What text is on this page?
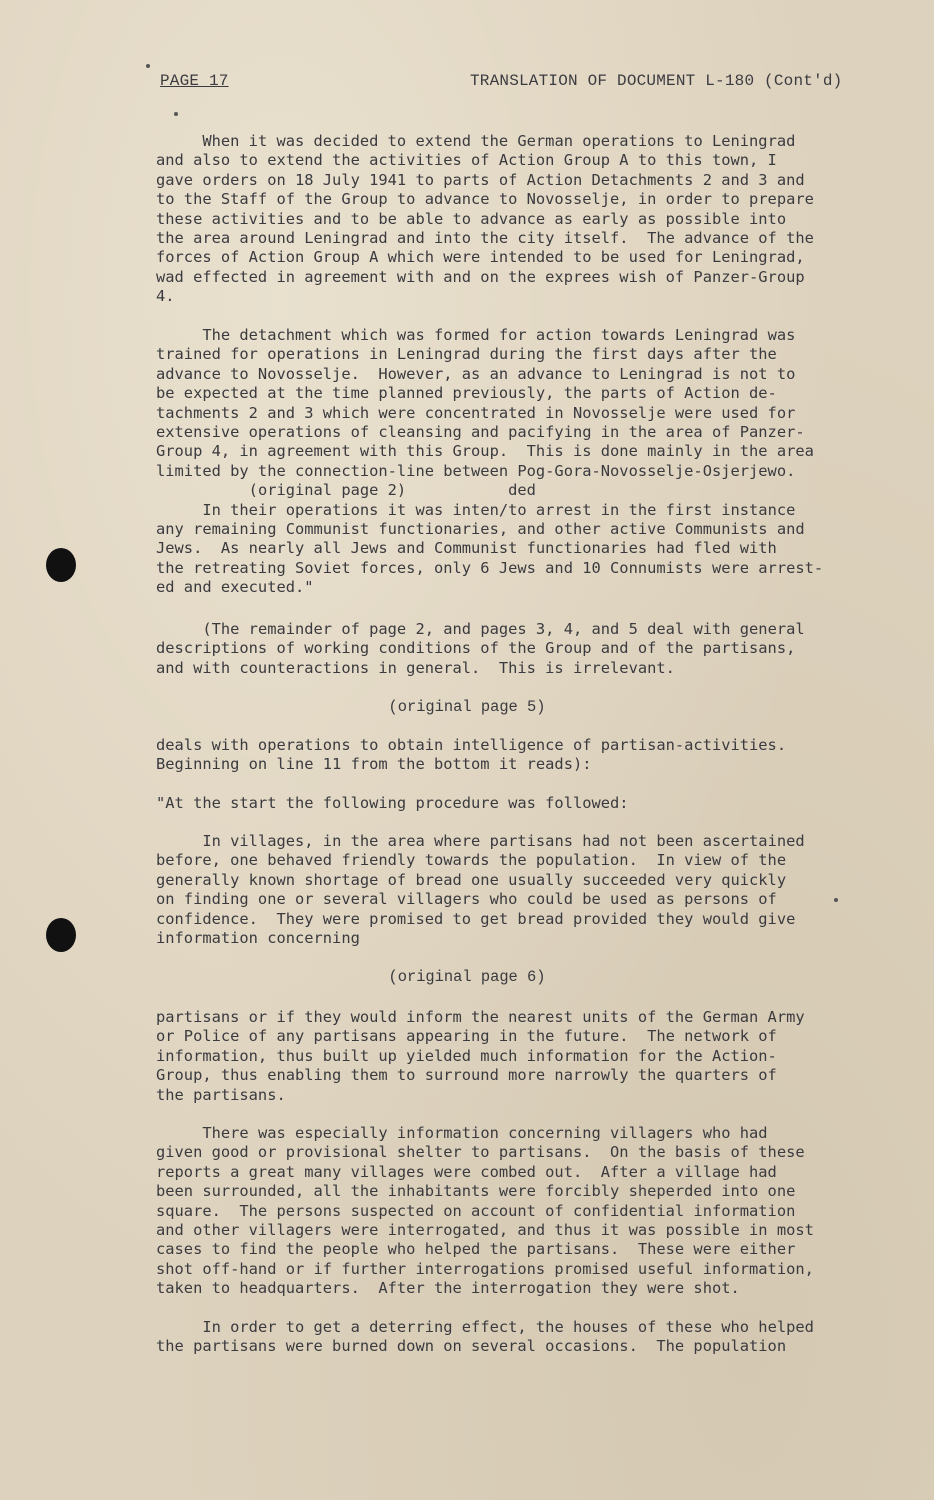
PAGE 17	TRANSLATION OF DOCUMENT L-180 (Cont'd)
When it was decided to extend the German operations to Leningrad
and also to extend the activities of Action Group A to this town, I
gave orders on 18 July 1941 to parts of Action Detachments 2 and 3 and
to the Staff of the Group to advance to Novosselje, in order to prepare
these activities and to be able to advance as early as possible into
the area around Leningrad and into the city itself.  The advance of the
forces of Action Group A which were intended to be used for Leningrad,
wad effected in agreement with and on the exprees wish of Panzer-Group
4.
The detachment which was formed for action towards Leningrad was
trained for operations in Leningrad during the first days after the
advance to Novosselje.  However, as an advance to Leningrad is not to
be expected at the time planned previously, the parts of Action de-
tachments 2 and 3 which were concentrated in Novosselje were used for
extensive operations of cleansing and pacifying in the area of Panzer-
Group 4, in agreement with this Group.  This is done mainly in the area
limited by the connection-line between Pog-Gora-Novosselje-Osjerjewo.
(original page 2)           ded
In their operations it was inten/to arrest in the first instance
any remaining Communist functionaries, and other active Communists and
Jews.  As nearly all Jews and Communist functionaries had fled with
the retreating Soviet forces, only 6 Jews and 10 Connumists were arrest-
ed and executed."
(The remainder of page 2, and pages 3, 4, and 5 deal with general
descriptions of working conditions of the Group and of the partisans,
and with counteractions in general.  This is irrelevant.
(original page 5)
deals with operations to obtain intelligence of partisan-activities.
Beginning on line 11 from the bottom it reads):
"At the start the following procedure was followed:
In villages, in the area where partisans had not been ascertained
before, one behaved friendly towards the population.  In view of the
generally known shortage of bread one usually succeeded very quickly
on finding one or several villagers who could be used as persons of
confidence.  They were promised to get bread provided they would give
information concerning
(original page 6)
partisans or if they would inform the nearest units of the German Army
or Police of any partisans appearing in the future.  The network of
information, thus built up yielded much information for the Action-
Group, thus enabling them to surround more narrowly the quarters of
the partisans.
There was especially information concerning villagers who had
given good or provisional shelter to partisans.  On the basis of these
reports a great many villages were combed out.  After a village had
been surrounded, all the inhabitants were forcibly sheperded into one
square.  The persons suspected on account of confidential information
and other villagers were interrogated, and thus it was possible in most
cases to find the people who helped the partisans.  These were either
shot off-hand or if further interrogations promised useful information,
taken to headquarters.  After the interrogation they were shot.
In order to get a deterring effect, the houses of these who helped
the partisans were burned down on several occasions.  The population
